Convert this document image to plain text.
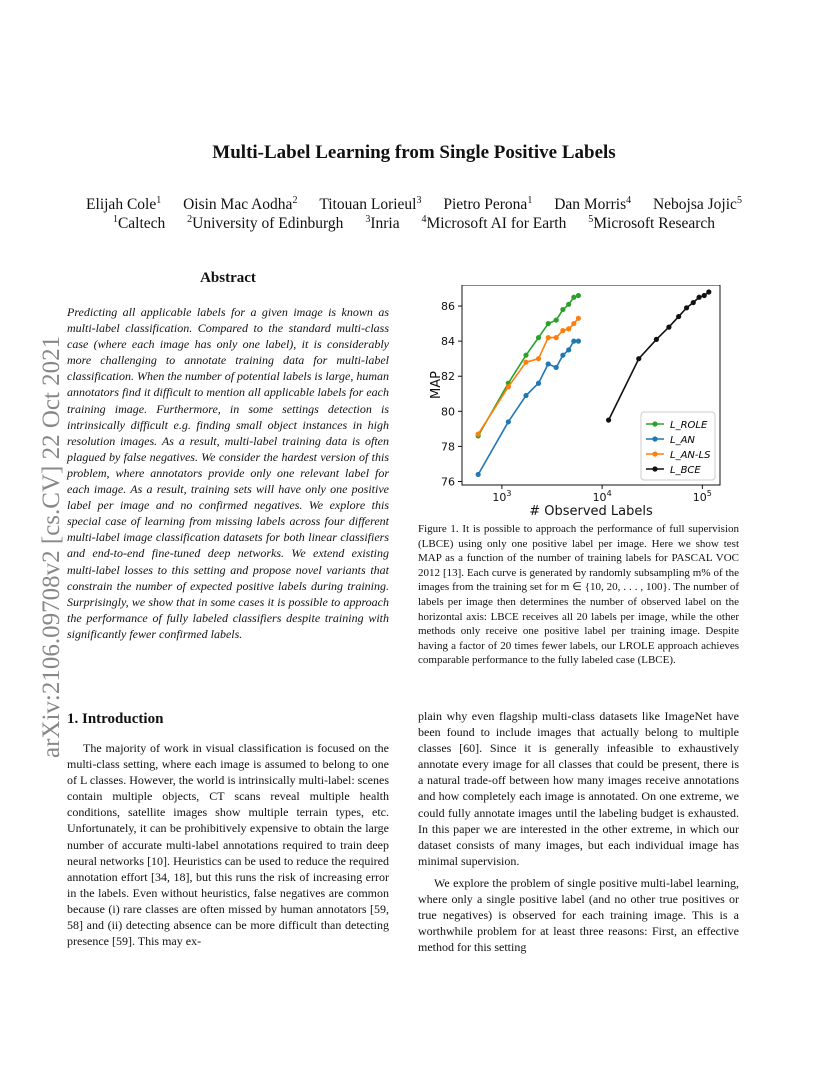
Multi-Label Learning from Single Positive Labels
Elijah Cole$^1$ Oisin Mac Aodha$^2$ Titouan Lorieul$^3$ Pietro Perona$^1$ Dan Morris$^4$ Nebojsa Jojic$^5$
$^1$Caltech $^2$University of Edinburgh $^3$Inria $^4$Microsoft AI for Earth $^5$Microsoft Research
arXiv:2106.09708v2 [cs.CV] 22 Oct 2021
Abstract
Predicting all applicable labels for a given image is known as multi-label classification. Compared to the standard multi-class case (where each image has only one label), it is considerably more challenging to annotate training data for multi-label classification. When the number of potential labels is large, human annotators find it difficult to mention all applicable labels for each training image. Furthermore, in some settings detection is intrinsically difficult e.g. finding small object instances in high resolution images. As a result, multi-label training data is often plagued by false negatives. We consider the hardest version of this problem, where annotators provide only one relevant label for each image. As a result, training sets will have only one positive label per image and no confirmed negatives. We explore this special case of learning from missing labels across four different multi-label image classification datasets for both linear classifiers and end-to-end fine-tuned deep networks. We extend existing multi-label losses to this setting and propose novel variants that constrain the number of expected positive labels during training. Surprisingly, we show that in some cases it is possible to approach the performance of fully labeled classifiers despite training with significantly fewer confirmed labels.
1. Introduction

The majority of work in visual classification is focused on the multi-class setting, where each image is assumed to belong to one of L classes. However, the world is intrinsically multi-label: scenes contain multiple objects, CT scans reveal multiple health conditions, satellite images show multiple terrain types, etc. Unfortunately, it can be prohibitively expensive to obtain the large number of accurate multi-label annotations required to train deep neural networks [10]. Heuristics can be used to reduce the required annotation effort [34, 18], but this runs the risk of increasing error in the labels. Even without heuristics, false negatives are common because (i) rare classes are often missed by human annotators [59, 58] and (ii) detecting absence can be more difficult than detecting presence [59]. This may ex-

76
78
80
82
84
86
$10^3$	$10^4$	$10^5$
L_ROLE
L_AN
L_AN-LS
L_BCE
# Observed Labels
MAP
Figure 1. It is possible to approach the performance of full supervision (LBCE) using only one positive label per image. Here we show test MAP as a function of the number of training labels for PASCAL VOC 2012 [13]. Each curve is generated by randomly subsampling m% of the images from the training set for m ∈ {10, 20, . . . , 100}. The number of labels per image then determines the number of observed label on the horizontal axis: LBCE receives all 20 labels per image, while the other methods only receive one positive label per training image. Despite having a factor of 20 times fewer labels, our LROLE approach achieves comparable performance to the fully labeled case (LBCE).

plain why even flagship multi-class datasets like ImageNet have been found to include images that actually belong to multiple classes [60]. Since it is generally infeasible to exhaustively annotate every image for all classes that could be present, there is a natural trade-off between how many images receive annotations and how completely each image is annotated. On one extreme, we could fully annotate images until the labeling budget is exhausted. In this paper we are interested in the other extreme, in which our dataset consists of many images, but each individual image has minimal supervision.

We explore the problem of single positive multi-label learning, where only a single positive label (and no other true positives or true negatives) is observed for each training image. This is a worthwhile problem for at least three reasons: First, an effective method for this setting
